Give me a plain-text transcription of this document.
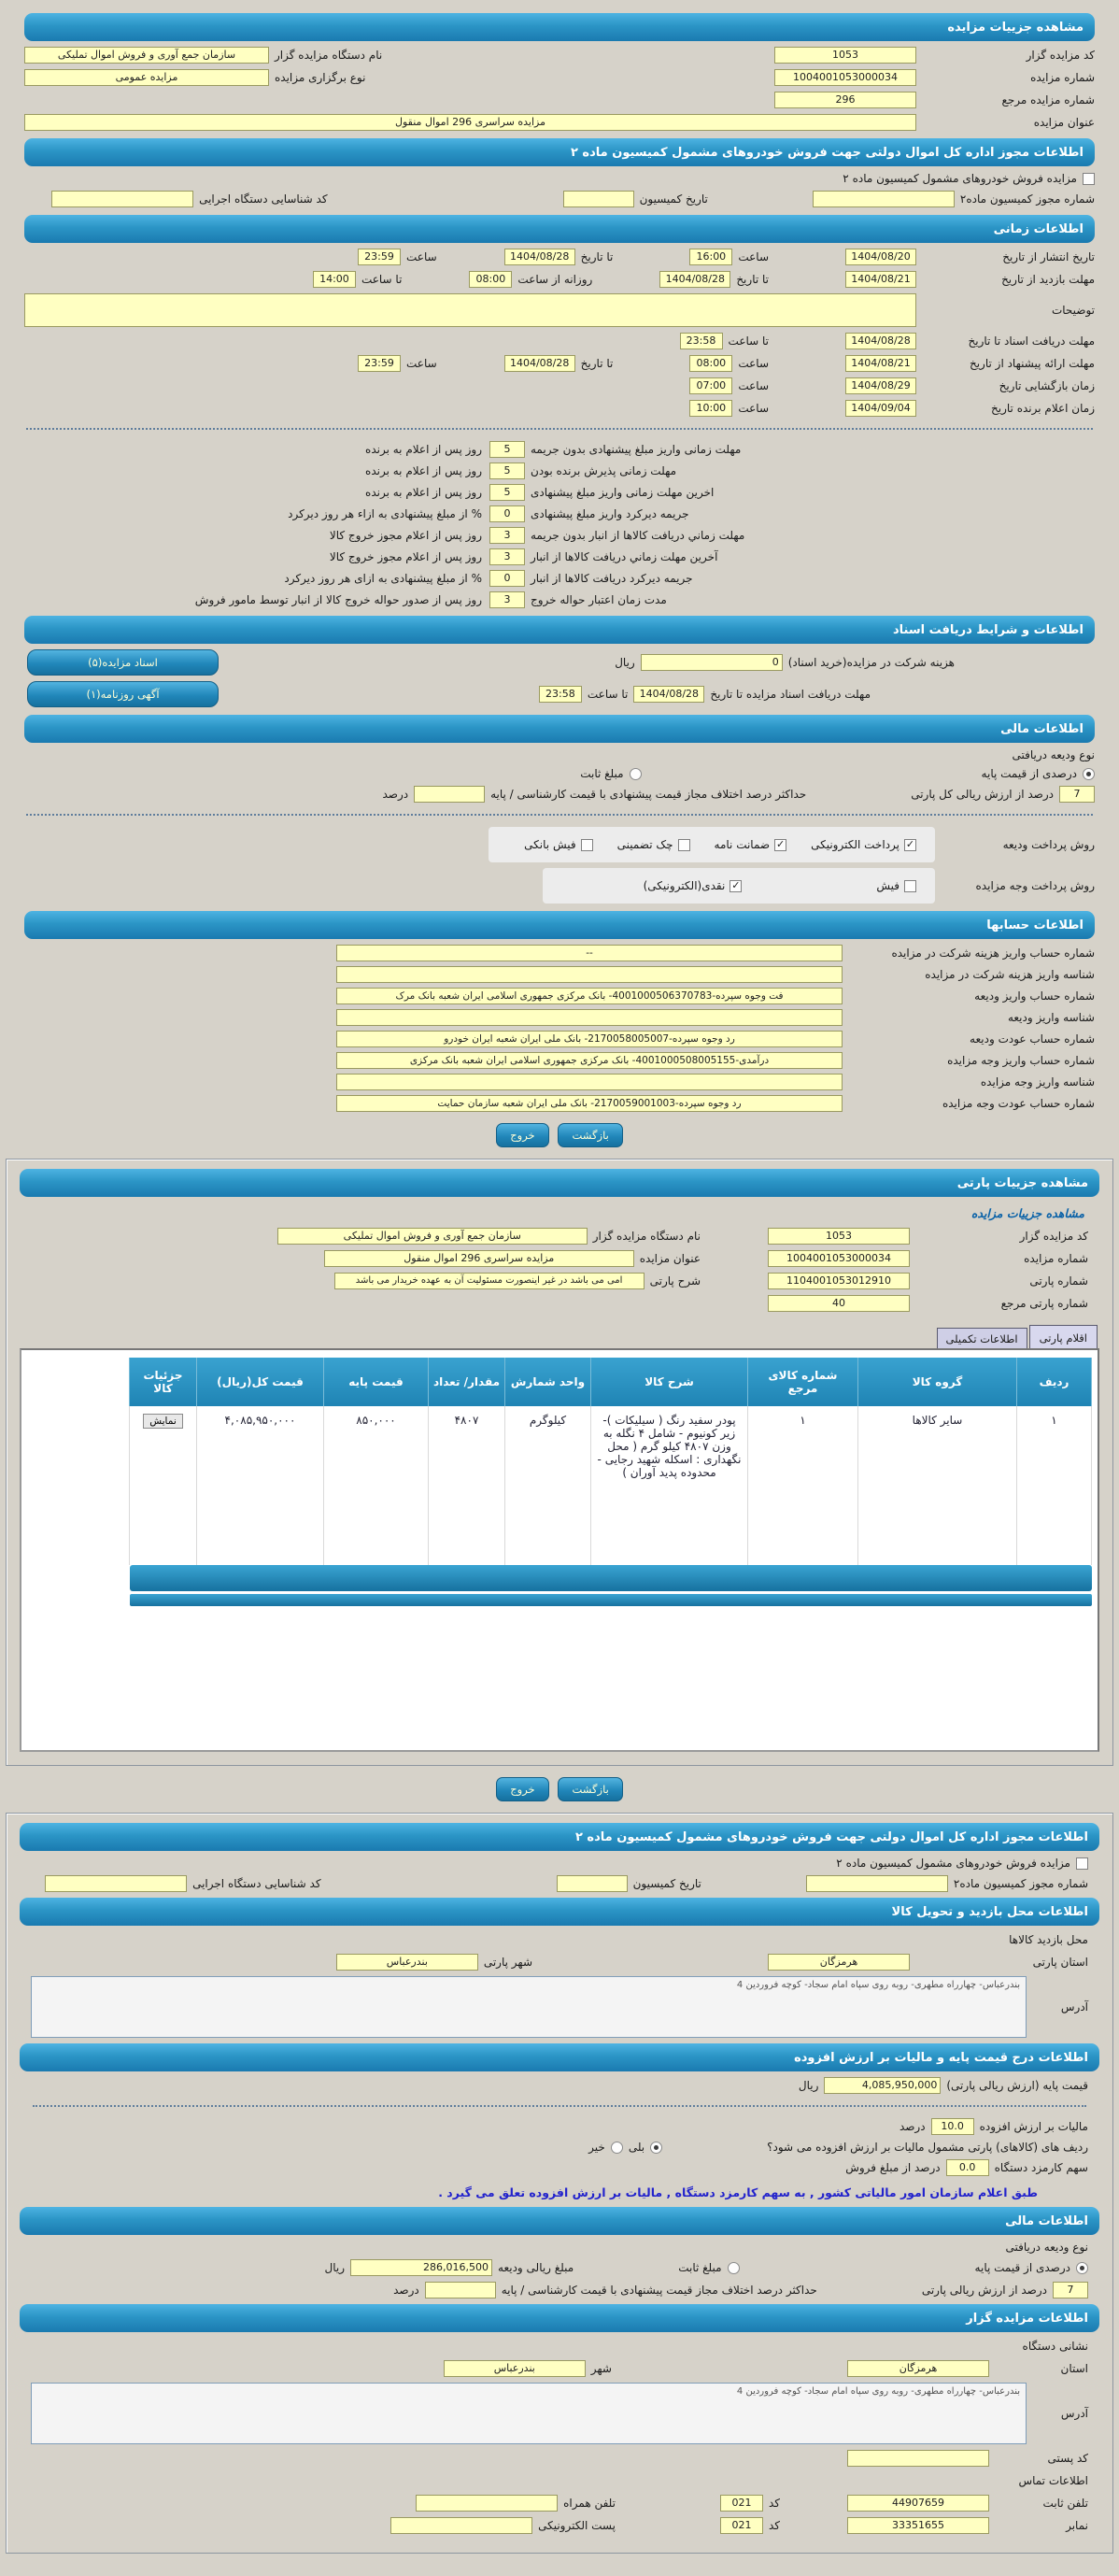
مشاهده جزییات مزایده
کد مزایده گزار
1053
نام دستگاه مزایده گزار
سازمان جمع آوری و فروش اموال تملیکی
شماره مزایده
1004001053000034
نوع برگزاری مزایده
مزایده عمومی
شماره مزایده مرجع
296
عنوان مزایده
مزایده سراسری 296 اموال منقول
اطلاعات مجوز اداره کل اموال دولتی جهت فروش خودروهای مشمول کمیسیون ماده ۲
مزایده فروش خودروهای مشمول کمیسیون ماده ۲
شماره مجوز کمیسیون ماده۲
تاریخ کمیسیون
کد شناسایی دستگاه اجرایی
اطلاعات زمانی
تاریخ انتشار از تاریخ
1404/08/20
ساعت
16:00
تا تاریخ
1404/08/28
ساعت
23:59
مهلت بازدید از تاریخ
1404/08/21
تا تاریخ
1404/08/28
روزانه از ساعت
08:00
تا ساعت
14:00
توضیحات
مهلت دریافت اسناد تا تاریخ
1404/08/28
تا ساعت
23:58
مهلت ارائه پیشنهاد از تاریخ
1404/08/21
ساعت
08:00
تا تاریخ
1404/08/28
ساعت
23:59
زمان بازگشایی تاریخ
1404/08/29
ساعت
07:00
زمان اعلام برنده تاریخ
1404/09/04
ساعت
10:00
مهلت زمانی واریز مبلغ پیشنهادی بدون جریمه
5
روز پس از اعلام به برنده
مهلت زمانی پذیرش برنده بودن
5
روز پس از اعلام به برنده
اخرین مهلت زمانی واریز مبلغ پیشنهادی
5
روز پس از اعلام به برنده
جریمه دیرکرد واریز مبلغ پیشنهادی
0
% از مبلغ پیشنهادی به ازاء هر روز دیرکرد
مهلت زماني دریافت کالاها از انبار بدون جریمه
3
روز پس از اعلام مجوز خروج کالا
آخرین مهلت زماني دریافت کالاها از انبار
3
روز پس از اعلام مجوز خروج کالا
جریمه دیرکرد دریافت کالاها از انبار
0
% از مبلغ پیشنهادی به ازای هر روز دیرکرد
مدت زمان اعتبار حواله خروج
3
روز پس از صدور حواله خروج کالا از انبار توسط مامور فروش
اطلاعات و شرایط دریافت اسناد
هزینه شرکت در مزایده(خرید اسناد)
0
ریال
اسناد مزایده(۵)
مهلت دریافت اسناد مزایده تا تاریخ
1404/08/28
تا ساعت
23:58
آگهی روزنامه(۱)
اطلاعات مالی
نوع ودیعه دریافتی
درصدی از قیمت پایه
مبلغ ثابت
7
درصد از ارزش ریالی کل پارتی
حداکثر درصد اختلاف مجاز قیمت پیشنهادی با قیمت کارشناسی / پایه
درصد
روش پرداخت ودیعه
✓
پرداخت الکترونیکی
✓
ضمانت نامه
چک تضمینی
فیش بانکی
روش پرداخت وجه مزایده
فیش
✓
نقدی(الکترونیکی)
اطلاعات حسابها
شماره حساب واریز هزینه شرکت در مزایده
--
شناسه واریز هزینه شرکت در مزایده
شماره حساب واریز ودیعه
فت وجوه سپرده-4001000506370783- بانک مرکزی جمهوری اسلامی ایران شعبه بانک مرک
شناسه واریز ودیعه
شماره حساب عودت ودیعه
رد وجوه سپرده-2170058005007- بانک ملی ایران شعبه ایران خودرو
شماره حساب واریز وجه مزایده
درآمدی-4001000508005155- بانک مرکزی جمهوری اسلامی ایران شعبه بانک مرکزی
شناسه واریز وجه مزایده
شماره حساب عودت وجه مزایده
رد وجوه سپرده-2170059001003- بانک ملی ایران شعبه سازمان حمایت
بازگشت خروج
مشاهده جزییات پارتی
مشاهده جزییات مزایده
کد مزایده گزار
1053
نام دستگاه مزایده گزار
سازمان جمع آوری و فروش اموال تملیکی
شماره مزایده
1004001053000034
عنوان مزایده
مزایده سراسری 296 اموال منقول
شماره پارتی
1104001053012910
شرح پارتی
امی می باشد در غیر اینصورت مسئولیت آن به عهده خریدار می باشد
شماره پارتی مرجع
40
اقلام پارتی
اطلاعات تکمیلی
ردیف	گروه کالا	شماره کالای مرجع	شرح کالا	واحد شمارش	مقدار/ تعداد	قیمت پایه	قیمت کل(ریال)	جزئیات کالا
۱	سایر کالاها	۱	پودر سفید رنگ ( سیلیکات )- زیر کونیوم - شامل ۴ نگله به وزن ۴۸۰۷ کیلو گرم ( محل نگهداری : اسکله شهید رجایی - محدوده پدید آوران )	کیلوگرم	۴۸۰۷	۸۵۰,۰۰۰	۴,۰۸۵,۹۵۰,۰۰۰	نمایش
بازگشت خروج
اطلاعات مجوز اداره کل اموال دولتی جهت فروش خودروهای مشمول کمیسیون ماده ۲
مزایده فروش خودروهای مشمول کمیسیون ماده ۲
شماره مجوز کمیسیون ماده۲
تاریخ کمیسیون
کد شناسایی دستگاه اجرایی
اطلاعات محل بازدید و تحویل کالا
محل بازدید کالاها
استان پارتی
هرمزگان
شهر پارتی
بندرعباس
آدرس
بندرعباس- چهارراه مطهری- روبه روی سپاه امام سجاد- کوچه فروردین 4
اطلاعات درج قیمت پایه و مالیات بر ارزش افزوده
قیمت پایه (ارزش ریالی پارتی)
4,085,950,000
ریال
مالیات بر ارزش افزوده
10.0
درصد
ردیف های (کالاهای) پارتی مشمول مالیات بر ارزش افزوده می شود؟
بلی
خیر
سهم کارمزد دستگاه
0.0
درصد از مبلغ فروش
طبق اعلام سازمان امور مالیاتی کشور , به سهم کارمزد دستگاه , مالیات بر ارزش افزوده تعلق می گیرد .
اطلاعات مالی
نوع ودیعه دریافتی
درصدی از قیمت پایه
مبلغ ثابت
مبلغ ریالی ودیعه
286,016,500
ریال
7
درصد از ارزش ریالی پارتی
حداکثر درصد اختلاف مجاز قیمت پیشنهادی با قیمت کارشناسی / پایه
درصد
اطلاعات مزایده گزار
نشانی دستگاه
استان
هرمزگان
شهر
بندرعباس
آدرس
بندرعباس- چهارراه مطهری- روبه روی سپاه امام سجاد- کوچه فروردین 4
کد پستی
اطلاعات تماس
تلفن ثابت
44907659
کد
021
تلفن همراه
نمابر
33351655
کد
021
پست الکترونیکی
